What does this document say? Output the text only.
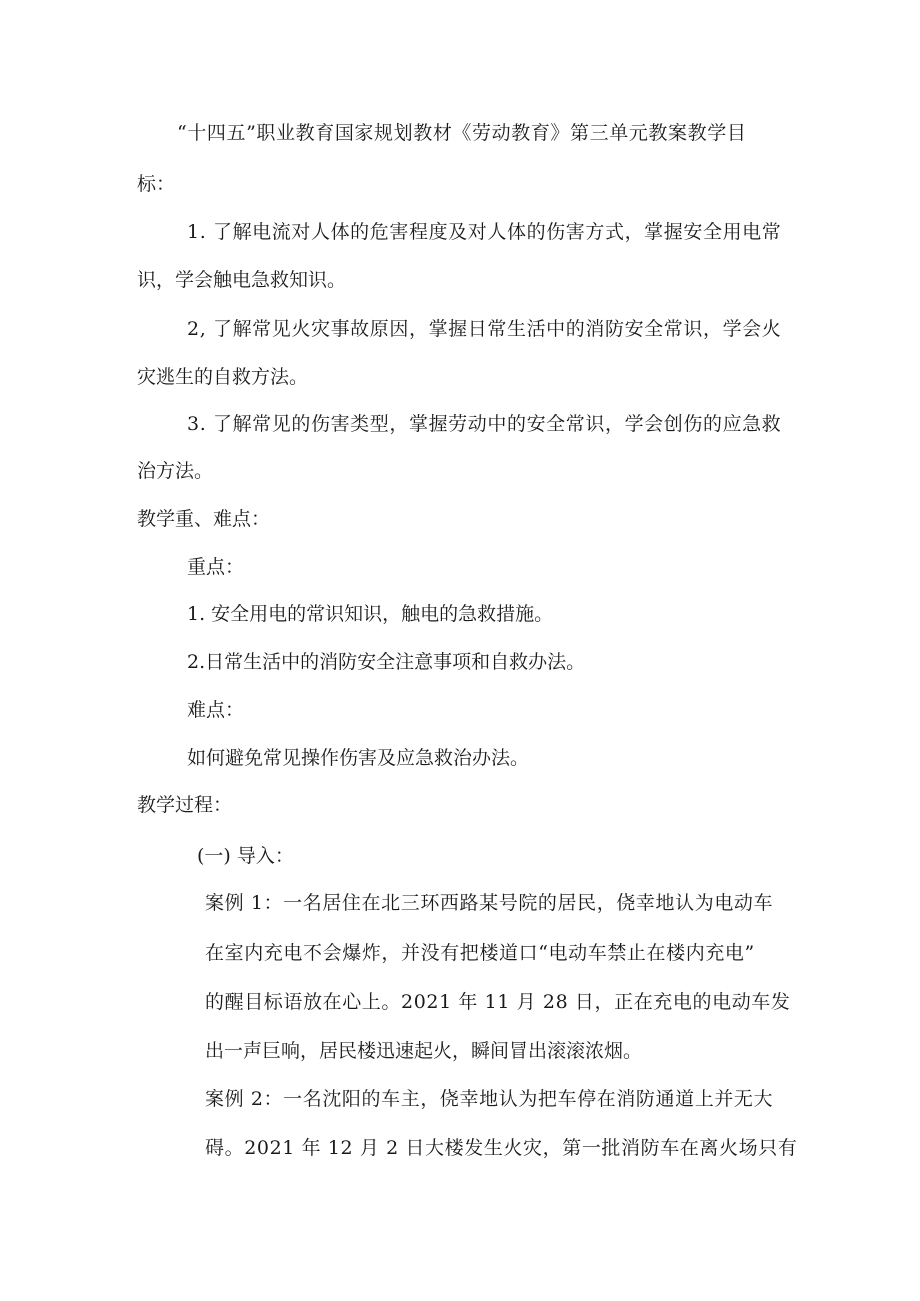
“十四五”职业教育国家规划教材《劳动教育》第三单元教案教学目
标：
1. 了解电流对人体的危害程度及对人体的伤害方式，掌握安全用电常
识，学会触电急救知识。
2, 了解常见火灾事故原因，掌握日常生活中的消防安全常识，学会火
灾逃生的自救方法。
3. 了解常见的伤害类型，掌握劳动中的安全常识，学会创伤的应急救
治方法。
教学重、难点：
重点：
1. 安全用电的常识知识，触电的急救措施。
2.日常生活中的消防安全注意事项和自救办法。
难点：
如何避免常见操作伤害及应急救治办法。
教学过程：
(一) 导入：
案例 1：一名居住在北三环西路某号院的居民，侥幸地认为电动车
在室内充电不会爆炸，并没有把楼道口“电动车禁止在楼内充电”
的醒目标语放在心上。2021 年 11 月 28 日，正在充电的电动车发
出一声巨响，居民楼迅速起火，瞬间冒出滚滚浓烟。
案例 2：一名沈阳的车主，侥幸地认为把车停在消防通道上并无大
碍。2021 年 12 月 2 日大楼发生火灾，第一批消防车在离火场只有
